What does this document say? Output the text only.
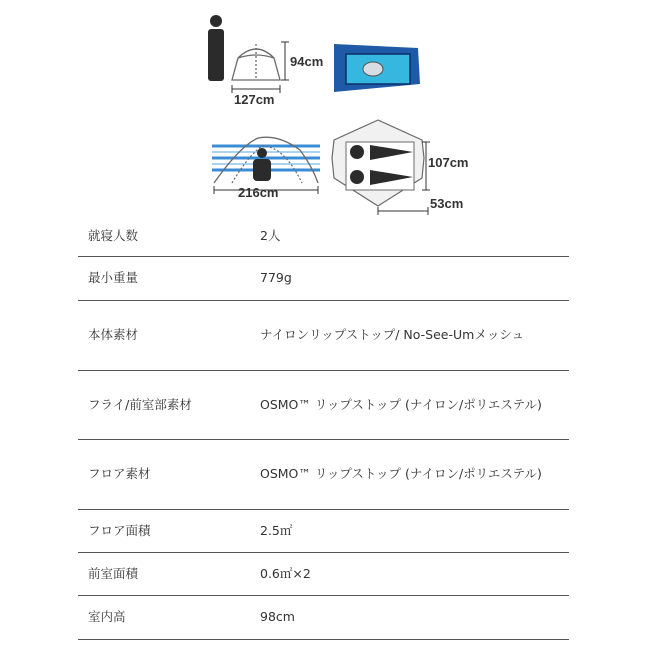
94cm
127cm
216cm
107cm
53cm
就寝人数	2人
最小重量	779g
本体素材	ナイロンリップストップ/ No-See-Umメッシュ
フライ/前室部素材	OSMO™ リップストップ (ナイロン/ポリエステル)
フロア素材	OSMO™ リップストップ (ナイロン/ポリエステル)
フロア面積	2.5㎡
前室面積	0.6㎡×2
室内高	98cm
